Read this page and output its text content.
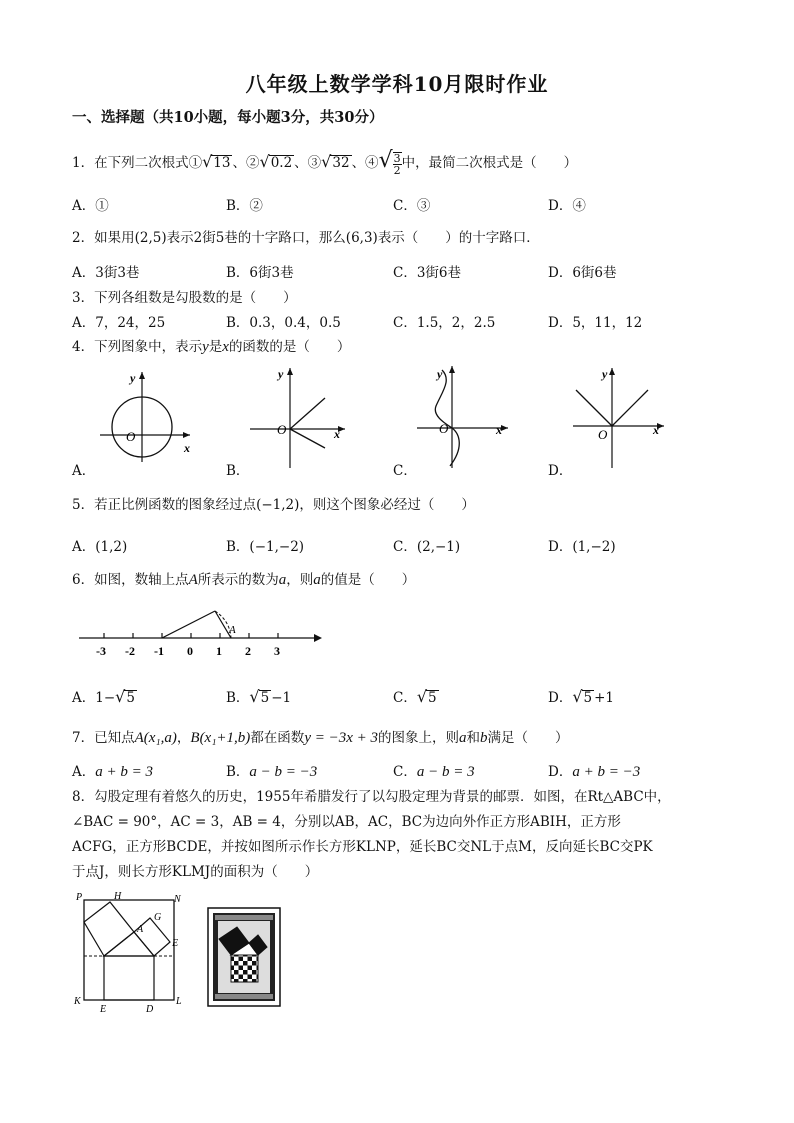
八年级上数学学科10月限时作业
一、选择题（共10小题，每小题3分，共30分）
1．在下列二次根式①√13 、②√0.2 、③√32 、④√ $\frac{3}{2}$ 中，最简二次根式是（　　）
A．①	B．②	C．③	D．④
2．如果用(2,5)表示2街5巷的十字路口，那么(6,3)表示（　　）的十字路口．
A．3街3巷	B．6街3巷	C．3街6巷	D．6街6巷
3．下列各组数是勾股数的是（　　）
A．7，24，25	B．0.3，0.4，0.5	C．1.5，2，2.5	D．5，11，12
4．下列图象中，表示y是x的函数的是（　　）
y
x
O
y
x
O
y
x
O
y
x
O
A．	B．	C．	D．
5．若正比例函数的图象经过点(−1,2)，则这个图象必经过（　　）
A．(1,2)	B．(−1,−2)	C．(2,−1)	D．(1,−2)
6．如图，数轴上点A所表示的数为a，则a的值是（　　）
-3 -2 -1 0 1 2 3
A
A．1−√5	B．√5 −1	C．√5	D．√5 +1
7．已知点A(x₁,a)，B(x₁+1,b)都在函数y = −3x + 3的图象上，则a和b满足（　　）
A．a + b = 3	B．a − b = −3	C．a − b = 3	D．a + b = −3
8．勾股定理有着悠久的历史，1955年希腊发行了以勾股定理为背景的邮票．如图，在Rt△ABC中，
∠BAC = 90°，AC = 3，AB = 4，分别以AB，AC，BC为边向外作正方形ABIH，正方形
ACFG，正方形BCDE，并按如图所示作长方形KLNP，延长BC交NL于点M，反向延长BC交PK
于点J，则长方形KLMJ的面积为（　　）
P	H	N
G
A
E
K
E	D
L
